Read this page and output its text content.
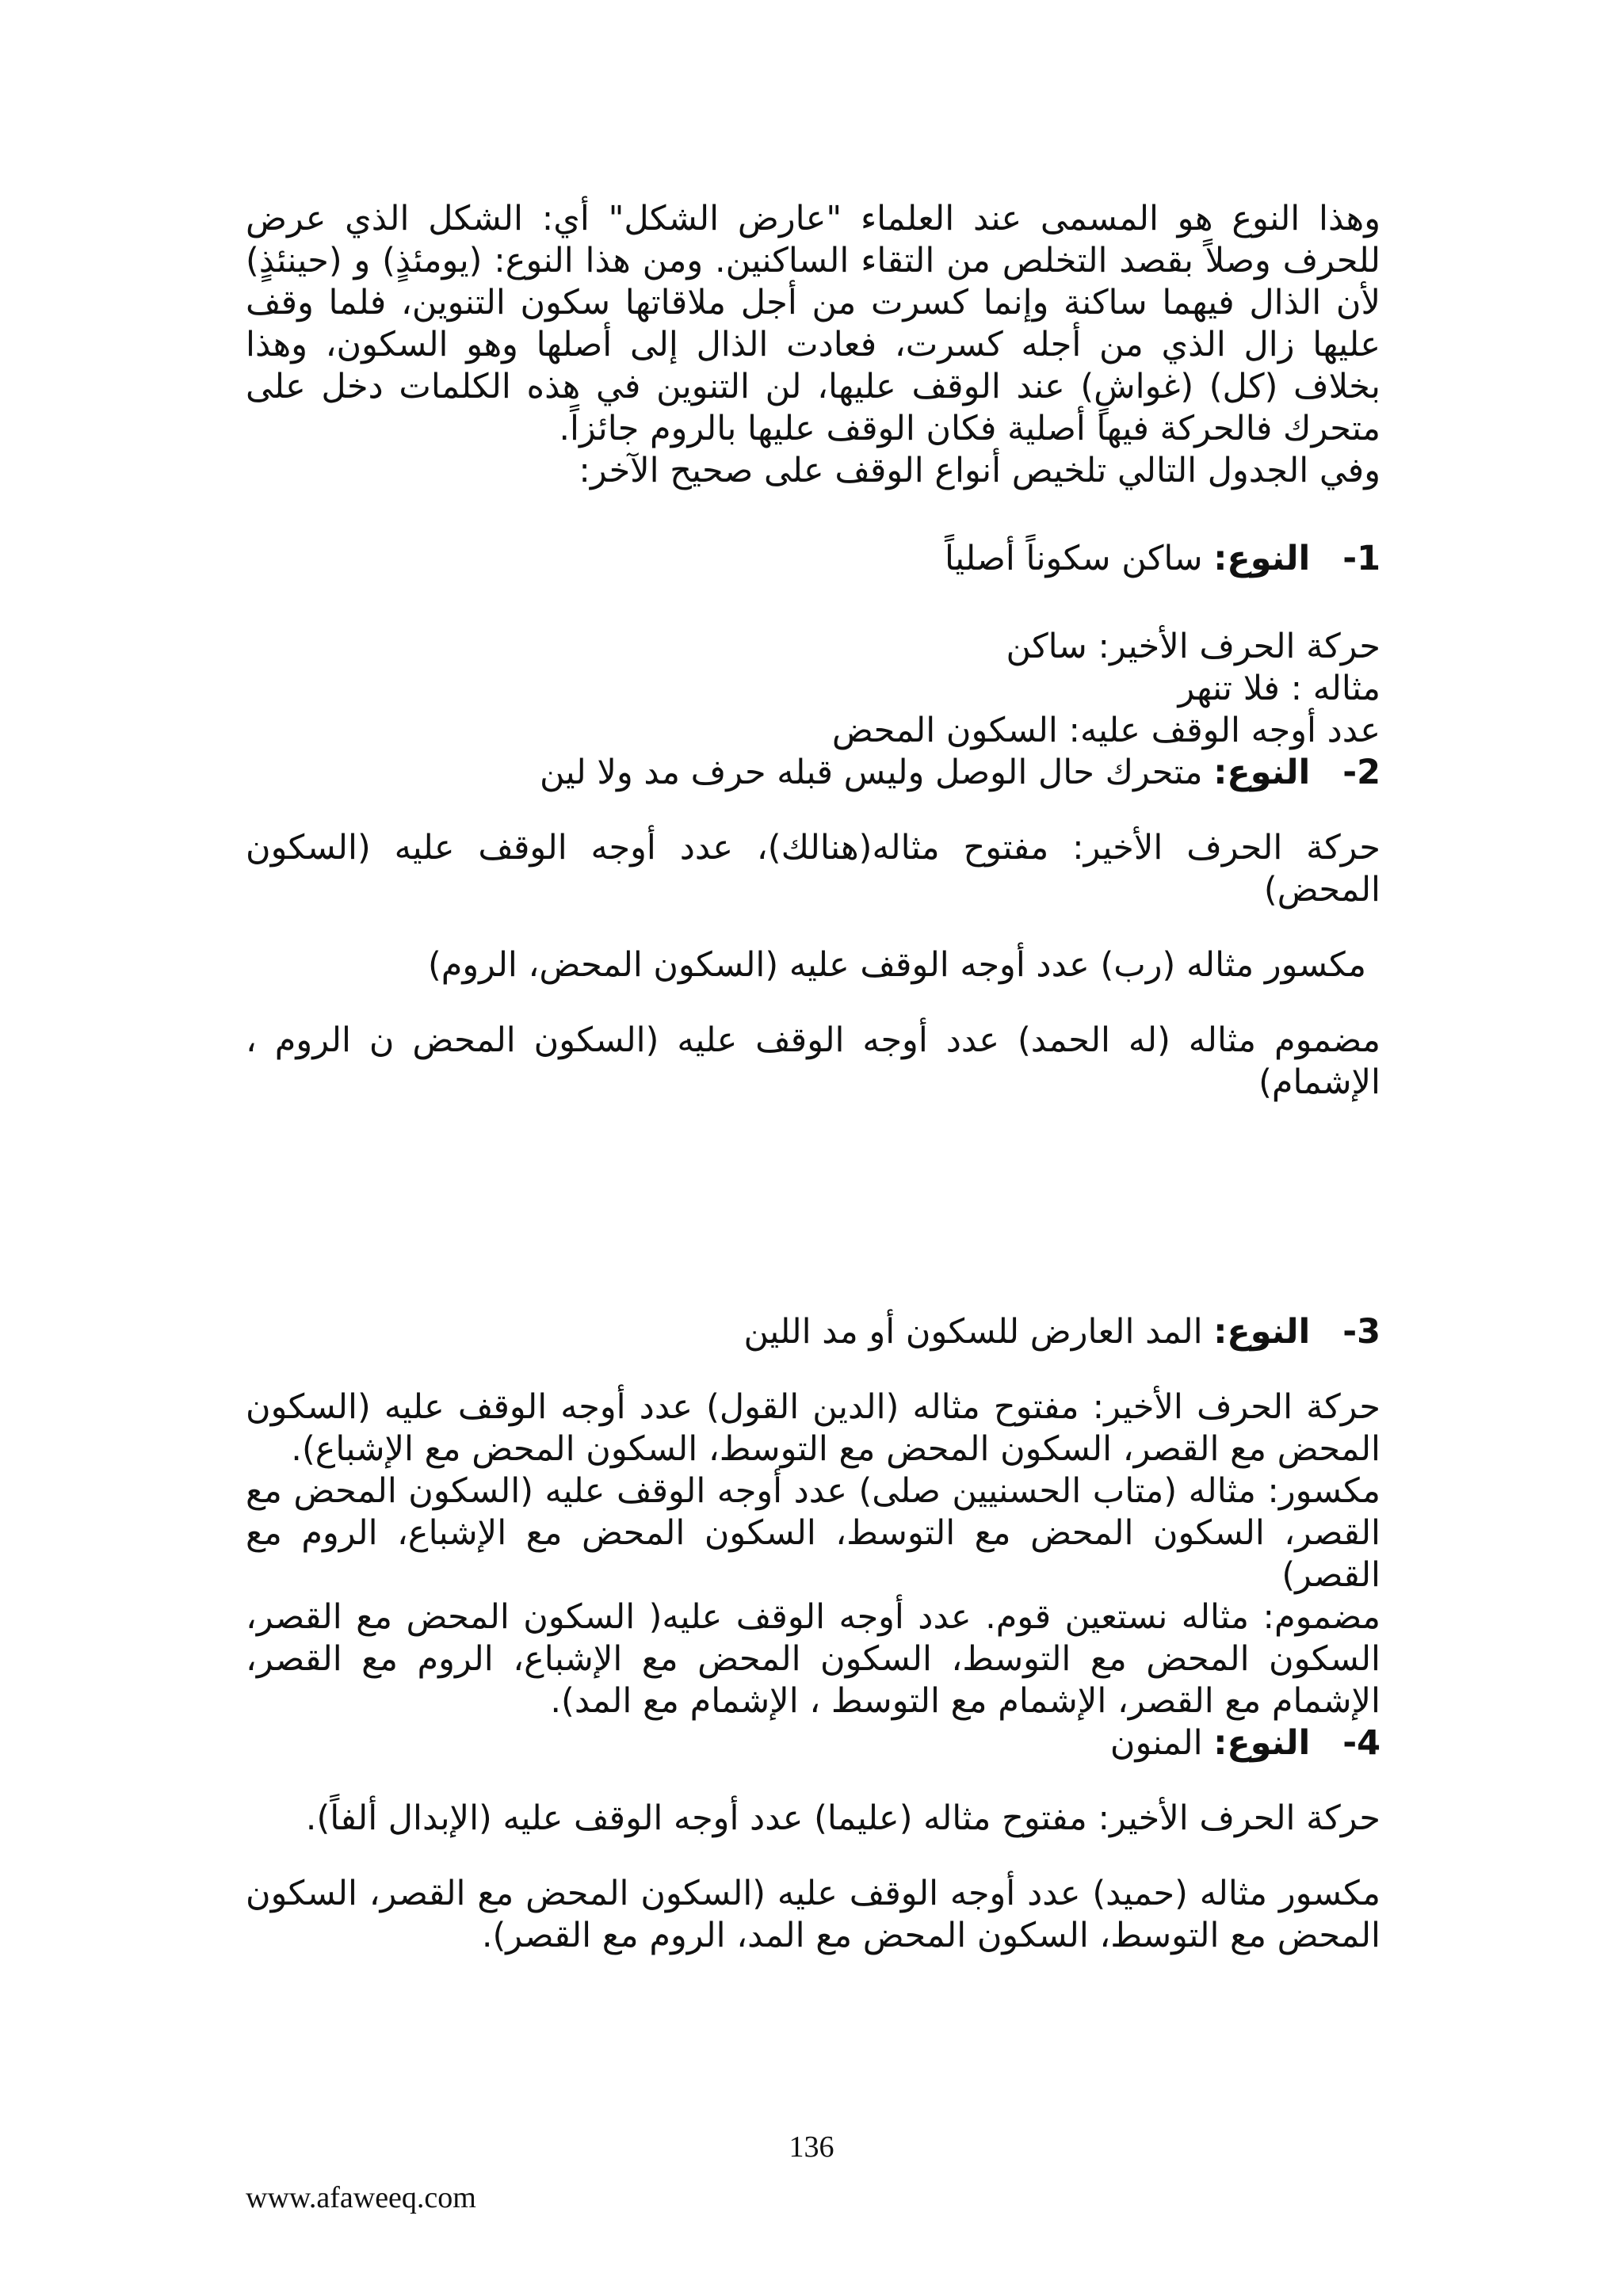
وهذا النوع هو المسمى عند العلماء "عارض الشكل" أي: الشكل الذي عرض للحرف وصلاً بقصد التخلص من التقاء الساكنين. ومن هذا النوع: (يومئذٍ) و (حينئذٍ) لأن الذال فيهما ساكنة وإنما كسرت من أجل ملاقاتها سكون التنوين، فلما وقف عليها زال الذي من أجله كسرت، فعادت الذال إلى أصلها وهو السكون، وهذا بخلاف (كل) (غواشٍ) عند الوقف عليها، لن التنوين في هذه الكلمات دخل على متحرك فالحركة فيها أصلية فكان الوقف عليها بالروم جائزاً.

وفي الجدول التالي تلخيص أنواع الوقف على صحيح الآخر:

-1   النوع: ساكن سكوناً أصلياً

حركة الحرف الأخير: ساكن

مثاله : فلا تنهر

عدد أوجه الوقف عليه: السكون المحض

-2   النوع: متحرك حال الوصل وليس قبله حرف مد ولا لين

حركة الحرف الأخير: مفتوح مثاله(هنالك)، عدد أوجه الوقف عليه (السكون المحض)

مكسور مثاله (رب) عدد أوجه الوقف عليه (السكون المحض، الروم)

مضموم مثاله (له الحمد) عدد أوجه الوقف عليه (السكون المحض ن الروم ، الإشمام)

-3   النوع: المد العارض للسكون أو مد اللين

حركة الحرف الأخير: مفتوح مثاله (الدين القول) عدد أوجه الوقف عليه (السكون المحض مع القصر، السكون المحض مع التوسط، السكون المحض مع الإشباع).

مكسور: مثاله (متاب الحسنيين صلى) عدد أوجه الوقف عليه (السكون المحض مع القصر، السكون المحض مع التوسط، السكون المحض مع الإشباع، الروم مع القصر)

مضموم: مثاله نستعين قوم. عدد أوجه الوقف عليه( السكون المحض مع القصر، السكون المحض مع التوسط، السكون المحض مع الإشباع، الروم مع القصر، الإشمام مع القصر، الإشمام مع التوسط ، الإشمام مع المد).

-4   النوع: المنون

حركة الحرف الأخير: مفتوح مثاله (عليما) عدد أوجه الوقف عليه (الإبدال ألفاً).

مكسور مثاله (حميد) عدد أوجه الوقف عليه (السكون المحض مع القصر، السكون المحض مع التوسط، السكون المحض مع المد، الروم مع القصر).

136
www.afaweeq.com
